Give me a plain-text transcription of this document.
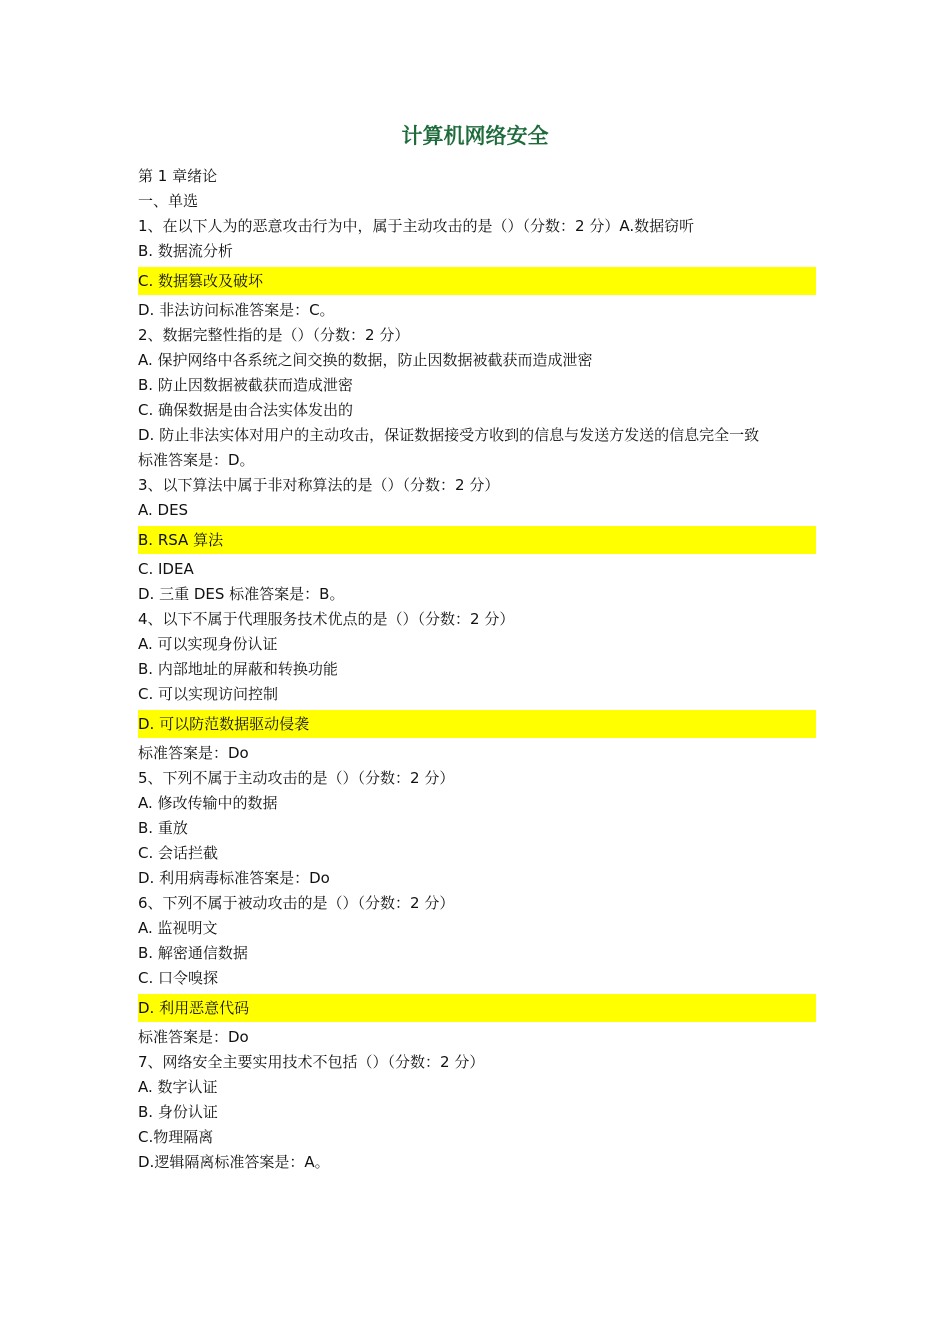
计算机网络安全
第 1 章绪论
一、单选
1、在以下人为的恶意攻击行为中，属于主动攻击的是（）（分数：2 分）A.数据窃听
B. 数据流分析
C. 数据篡改及破坏
D. 非法访问标准答案是：C。
2、数据完整性指的是（）（分数：2 分）
A. 保护网络中各系统之间交换的数据，防止因数据被截获而造成泄密
B. 防止因数据被截获而造成泄密
C. 确保数据是由合法实体发出的
D. 防止非法实体对用户的主动攻击，保证数据接受方收到的信息与发送方发送的信息完全一致
标准答案是：D。
3、以下算法中属于非对称算法的是（）（分数：2 分）
A. DES
B. RSA 算法
C. IDEA
D. 三重 DES 标准答案是：B。
4、以下不属于代理服务技术优点的是（）（分数：2 分）
A. 可以实现身份认证
B. 内部地址的屏蔽和转换功能
C. 可以实现访问控制
D. 可以防范数据驱动侵袭
标准答案是：Do
5、下列不属于主动攻击的是（）（分数：2 分）
A. 修改传输中的数据
B. 重放
C. 会话拦截
D. 利用病毒标准答案是：Do
6、下列不属于被动攻击的是（）（分数：2 分）
A. 监视明文
B. 解密通信数据
C. 口令嗅探
D. 利用恶意代码
标准答案是：Do
7、网络安全主要实用技术不包括（）（分数：2 分）
A. 数字认证
B. 身份认证
C.物理隔离
D.逻辑隔离标准答案是：A。
